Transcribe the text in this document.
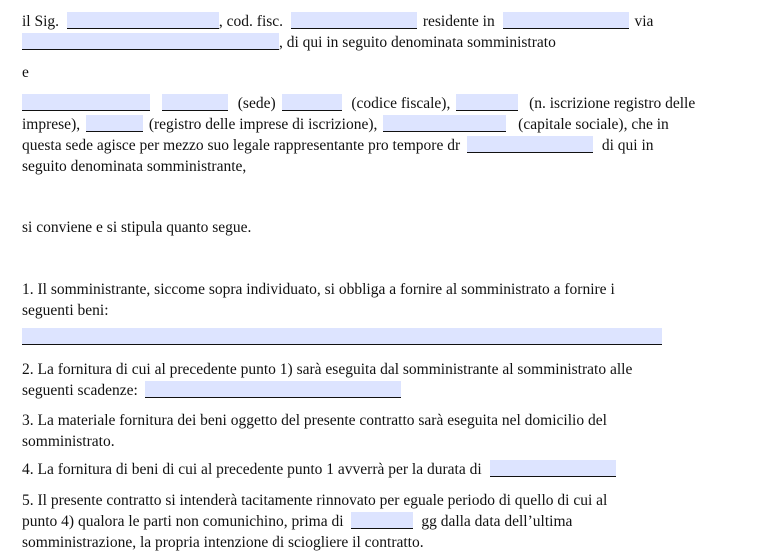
il Sig.	, cod. fisc.	residente in	via
, di qui in seguito denominata somministrato
e
(sede)	(codice fiscale),	(n. iscrizione registro delle
imprese),	(registro delle imprese di iscrizione),	(capitale sociale), che in
questa sede agisce per mezzo suo legale rappresentante pro tempore dr	di qui in
seguito denominata somministrante,
si conviene e si stipula quanto segue.
1. Il somministrante, siccome sopra individuato, si obbliga a fornire al somministrato a fornire i
seguenti beni:
2. La fornitura di cui al precedente punto 1) sarà eseguita dal somministrante al somministrato alle
seguenti scadenze:
3. La materiale fornitura dei beni oggetto del presente contratto sarà eseguita nel domicilio del
somministrato.
4. La fornitura di beni di cui al precedente punto 1 avverrà per la durata di
5. Il presente contratto si intenderà tacitamente rinnovato per eguale periodo di quello di cui al
punto 4) qualora le parti non comunichino, prima di	gg dalla data dell’ultima
somministrazione, la propria intenzione di sciogliere il contratto.
